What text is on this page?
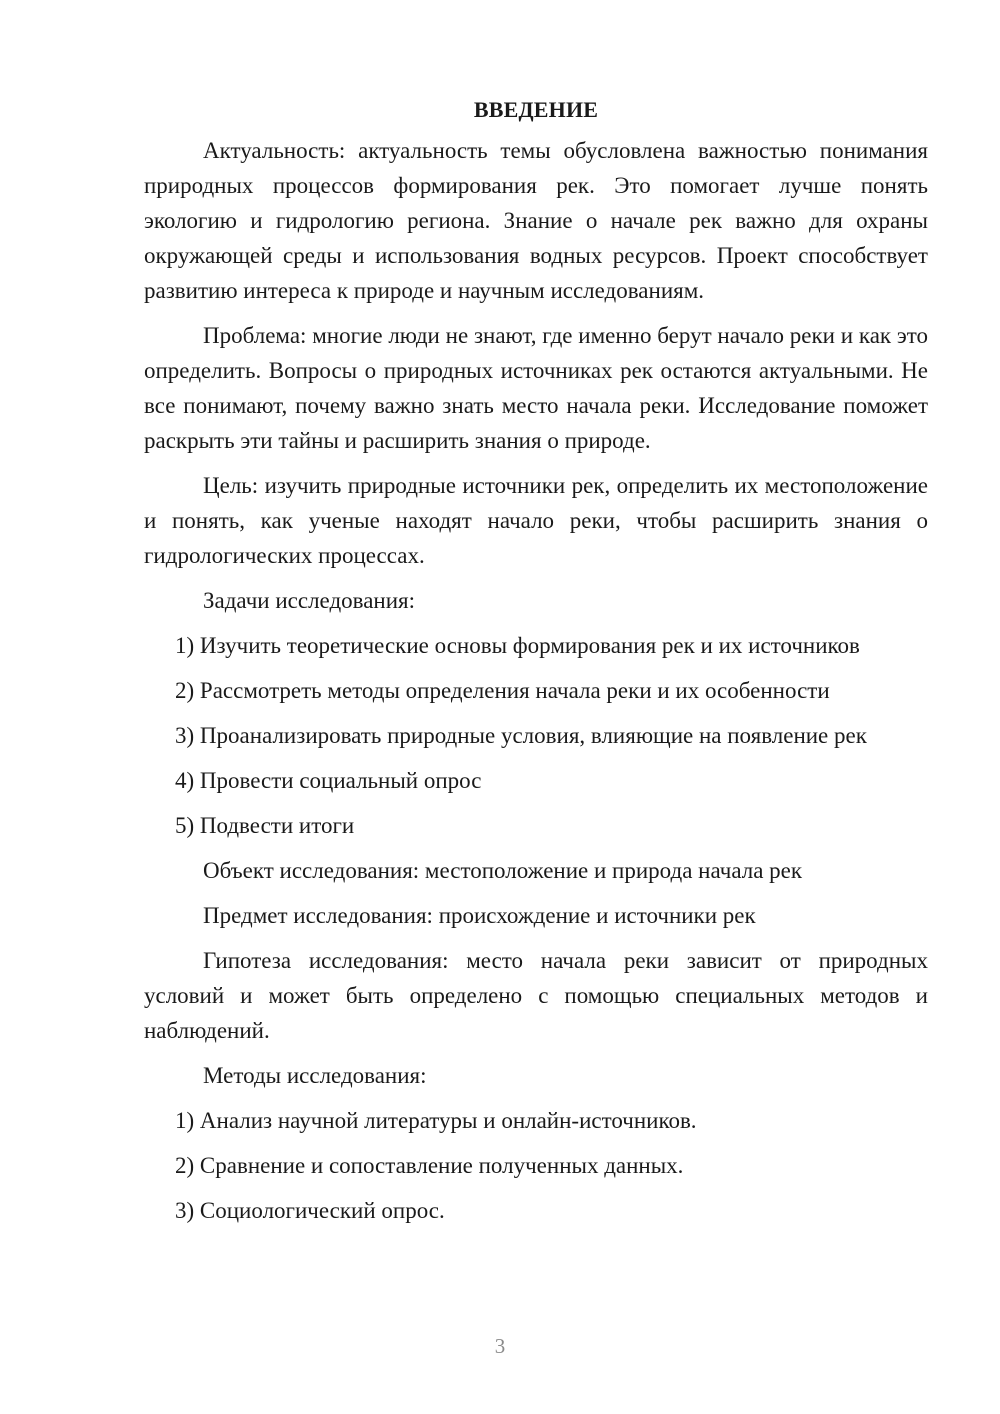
ВВЕДЕНИЕ

Актуальность: актуальность темы обусловлена важностью понимания природных процессов формирования рек. Это помогает лучше понять экологию и гидрологию региона. Знание о начале рек важно для охраны окружающей среды и использования водных ресурсов. Проект способствует развитию интереса к природе и научным исследованиям.

Проблема: многие люди не знают, где именно берут начало реки и как это определить. Вопросы о природных источниках рек остаются актуальными. Не все понимают, почему важно знать место начала реки. Исследование поможет раскрыть эти тайны и расширить знания о природе.

Цель: изучить природные источники рек, определить их местоположение и понять, как ученые находят начало реки, чтобы расширить знания о гидрологических процессах.

Задачи исследования:

1) Изучить теоретические основы формирования рек и их источников

2) Рассмотреть методы определения начала реки и их особенности

3) Проанализировать природные условия, влияющие на появление рек

4) Провести социальный опрос

5) Подвести итоги

Объект исследования: местоположение и природа начала рек

Предмет исследования: происхождение и источники рек

Гипотеза исследования: место начала реки зависит от природных условий и может быть определено с помощью специальных методов и наблюдений.

Методы исследования:

1) Анализ научной литературы и онлайн-источников.

2) Сравнение и сопоставление полученных данных.

3) Социологический опрос.

3
